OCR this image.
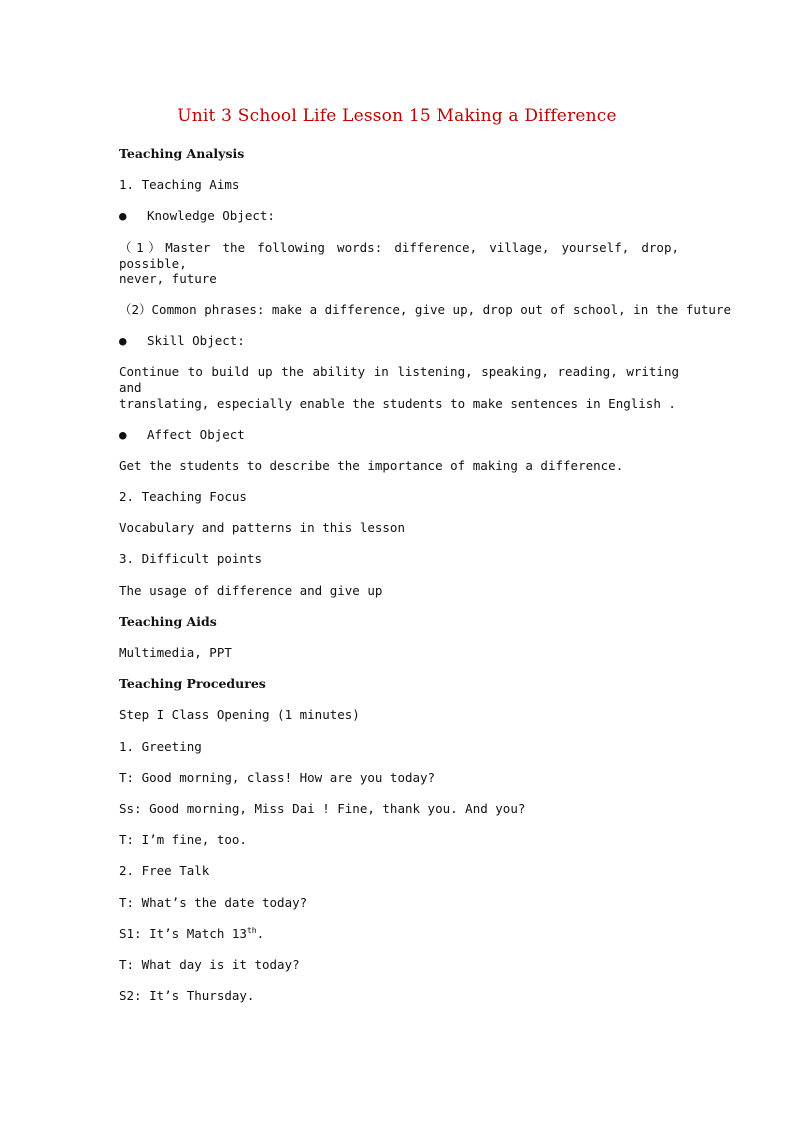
Unit 3 School Life Lesson 15 Making a Difference
Teaching Analysis
1. Teaching Aims
● Knowledge Object:
（1）Master the following words: difference, village, yourself, drop, possible,
never, future
（2）Common phrases: make a difference, give up, drop out of school, in the future
● Skill Object:
Continue to build up the ability in listening, speaking, reading, writing and
translating, especially enable the students to make sentences in English .
● Affect Object
Get the students to describe the importance of making a difference.
2. Teaching Focus
Vocabulary and patterns in this lesson
3. Difficult points
The usage of difference and give up
Teaching Aids
Multimedia, PPT
Teaching Procedures
Step I Class Opening (1 minutes)
1. Greeting
T: Good morning, class! How are you today?
Ss: Good morning, Miss Dai ! Fine, thank you. And you?
T: I’m fine, too.
2. Free Talk
T: What’s the date today?
S1: It’s Match 13th.
T: What day is it today?
S2: It’s Thursday.
